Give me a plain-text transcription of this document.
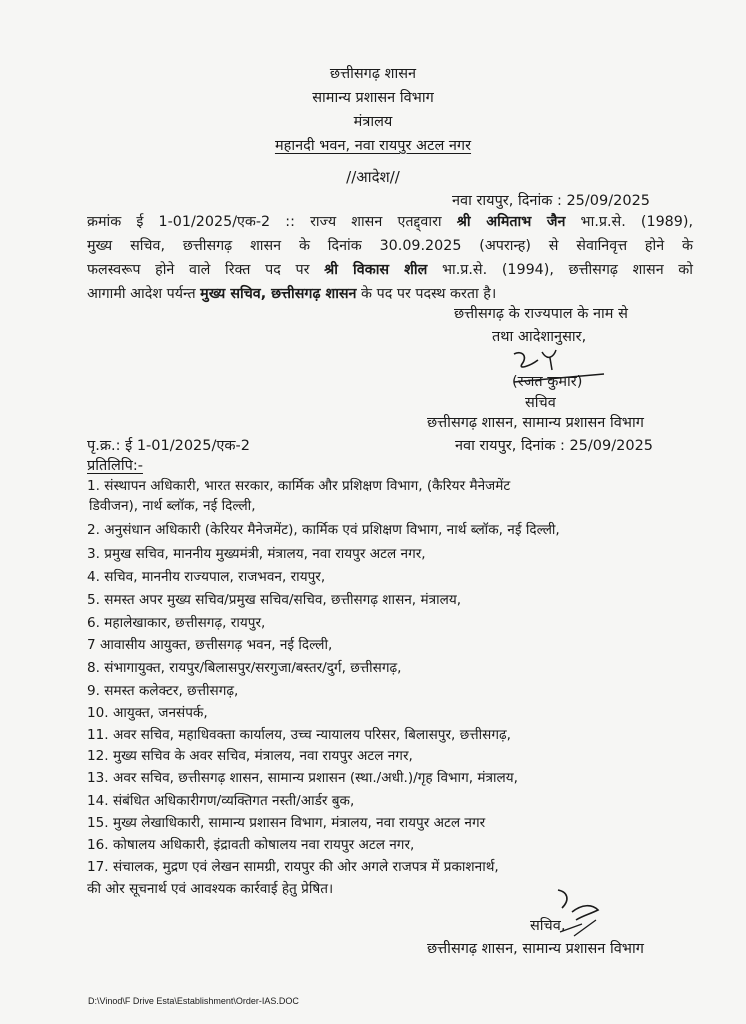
छत्तीसगढ़ शासन
सामान्य प्रशासन विभाग
मंत्रालय
महानदी भवन, नवा रायपुर अटल नगर
//आदेश//
नवा रायपुर, दिनांक : 25/09/2025
क्रमांक ई 1-01/2025/एक-2 :: राज्य शासन एतद्द्वारा श्री अमिताभ जैन भा.प्र.से. (1989),
मुख्य सचिव, छत्तीसगढ़ शासन के दिनांक 30.09.2025 (अपरान्ह) से सेवानिवृत्त होने के
फलस्वरूप होने वाले रिक्त पद पर श्री विकास शील भा.प्र.से. (1994), छत्तीसगढ़ शासन को
आगामी आदेश पर्यन्त मुख्य सचिव, छत्तीसगढ़ शासन के पद पर पदस्थ करता है।
छत्तीसगढ़ के राज्यपाल के नाम से
तथा आदेशानुसार,
(रजत कुमार)
सचिव
छत्तीसगढ़ शासन, सामान्य प्रशासन विभाग
नवा रायपुर, दिनांक : 25/09/2025
पृ.क्र.: ई 1-01/2025/एक-2
प्रतिलिपि:-
1. संस्थापन अधिकारी, भारत सरकार, कार्मिक और प्रशिक्षण विभाग, (कैरियर मैनेजमेंट
डिवीजन), नार्थ ब्लॉक, नई दिल्ली,
2. अनुसंधान अधिकारी (केरियर मैनेजमेंट), कार्मिक एवं प्रशिक्षण विभाग, नार्थ ब्लॉक, नई दिल्ली,
3. प्रमुख सचिव, माननीय मुख्यमंत्री, मंत्रालय, नवा रायपुर अटल नगर,
4. सचिव, माननीय राज्यपाल, राजभवन, रायपुर,
5. समस्त अपर मुख्य सचिव/प्रमुख सचिव/सचिव, छत्तीसगढ़ शासन, मंत्रालय,
6. महालेखाकार, छत्तीसगढ़, रायपुर,
7 आवासीय आयुक्त, छत्तीसगढ़ भवन, नई दिल्ली,
8. संभागायुक्त, रायपुर/बिलासपुर/सरगुजा/बस्तर/दुर्ग, छत्तीसगढ़,
9. समस्त कलेक्टर, छत्तीसगढ़,
10. आयुक्त, जनसंपर्क,
11. अवर सचिव, महाधिवक्ता कार्यालय, उच्च न्यायालय परिसर, बिलासपुर, छत्तीसगढ़,
12. मुख्य सचिव के अवर सचिव, मंत्रालय, नवा रायपुर अटल नगर,
13. अवर सचिव, छत्तीसगढ़ शासन, सामान्य प्रशासन (स्था./अधी.)/गृह विभाग, मंत्रालय,
14. संबंधित अधिकारीगण/व्यक्तिगत नस्ती/आर्डर बुक,
15. मुख्य लेखाधिकारी, सामान्य प्रशासन विभाग, मंत्रालय, नवा रायपुर अटल नगर
16. कोषालय अधिकारी, इंद्रावती कोषालय नवा रायपुर अटल नगर,
17. संचालक, मुद्रण एवं लेखन सामग्री, रायपुर की ओर अगले राजपत्र में प्रकाशनार्थ,
की ओर सूचनार्थ एवं आवश्यक कार्रवाई हेतु प्रेषित।
सचिव,
छत्तीसगढ़ शासन, सामान्य प्रशासन विभाग
D:\Vinod\F Drive Esta\Establishment\Order-IAS.DOC
